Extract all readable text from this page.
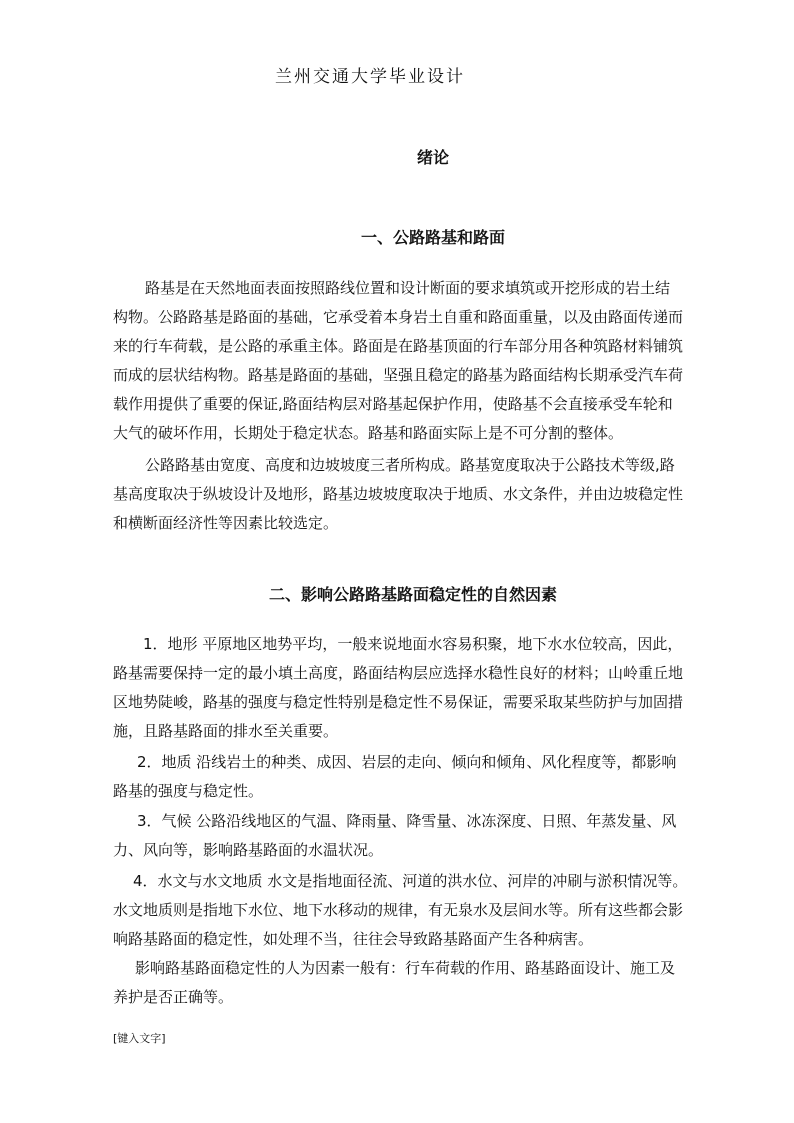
兰州交通大学毕业设计
绪论
一、公路路基和路面
路基是在天然地面表面按照路线位置和设计断面的要求填筑或开挖形成的岩土结
构物。公路路基是路面的基础，它承受着本身岩土自重和路面重量，以及由路面传递而
来的行车荷载，是公路的承重主体。路面是在路基顶面的行车部分用各种筑路材料铺筑
而成的层状结构物。路基是路面的基础，坚强且稳定的路基为路面结构长期承受汽车荷
载作用提供了重要的保证,路面结构层对路基起保护作用，使路基不会直接承受车轮和
大气的破坏作用，长期处于稳定状态。路基和路面实际上是不可分割的整体。
公路路基由宽度、高度和边坡坡度三者所构成。路基宽度取决于公路技术等级,路
基高度取决于纵坡设计及地形，路基边坡坡度取决于地质、水文条件，并由边坡稳定性
和横断面经济性等因素比较选定。
二、影响公路路基路面稳定性的自然因素
1．地形 平原地区地势平均，一般来说地面水容易积聚，地下水水位较高，因此，
路基需要保持一定的最小填土高度，路面结构层应选择水稳性良好的材料；山岭重丘地
区地势陡峻，路基的强度与稳定性特别是稳定性不易保证，需要采取某些防护与加固措
施，且路基路面的排水至关重要。
2．地质 沿线岩土的种类、成因、岩层的走向、倾向和倾角、风化程度等，都影响
路基的强度与稳定性。
3．气候 公路沿线地区的气温、降雨量、降雪量、冰冻深度、日照、年蒸发量、风
力、风向等，影响路基路面的水温状况。
4．水文与水文地质 水文是指地面径流、河道的洪水位、河岸的冲刷与淤积情况等。
水文地质则是指地下水位、地下水移动的规律，有无泉水及层间水等。所有这些都会影
响路基路面的稳定性，如处理不当，往往会导致路基路面产生各种病害。
影响路基路面稳定性的人为因素一般有：行车荷载的作用、路基路面设计、施工及
养护是否正确等。
[键入文字]
